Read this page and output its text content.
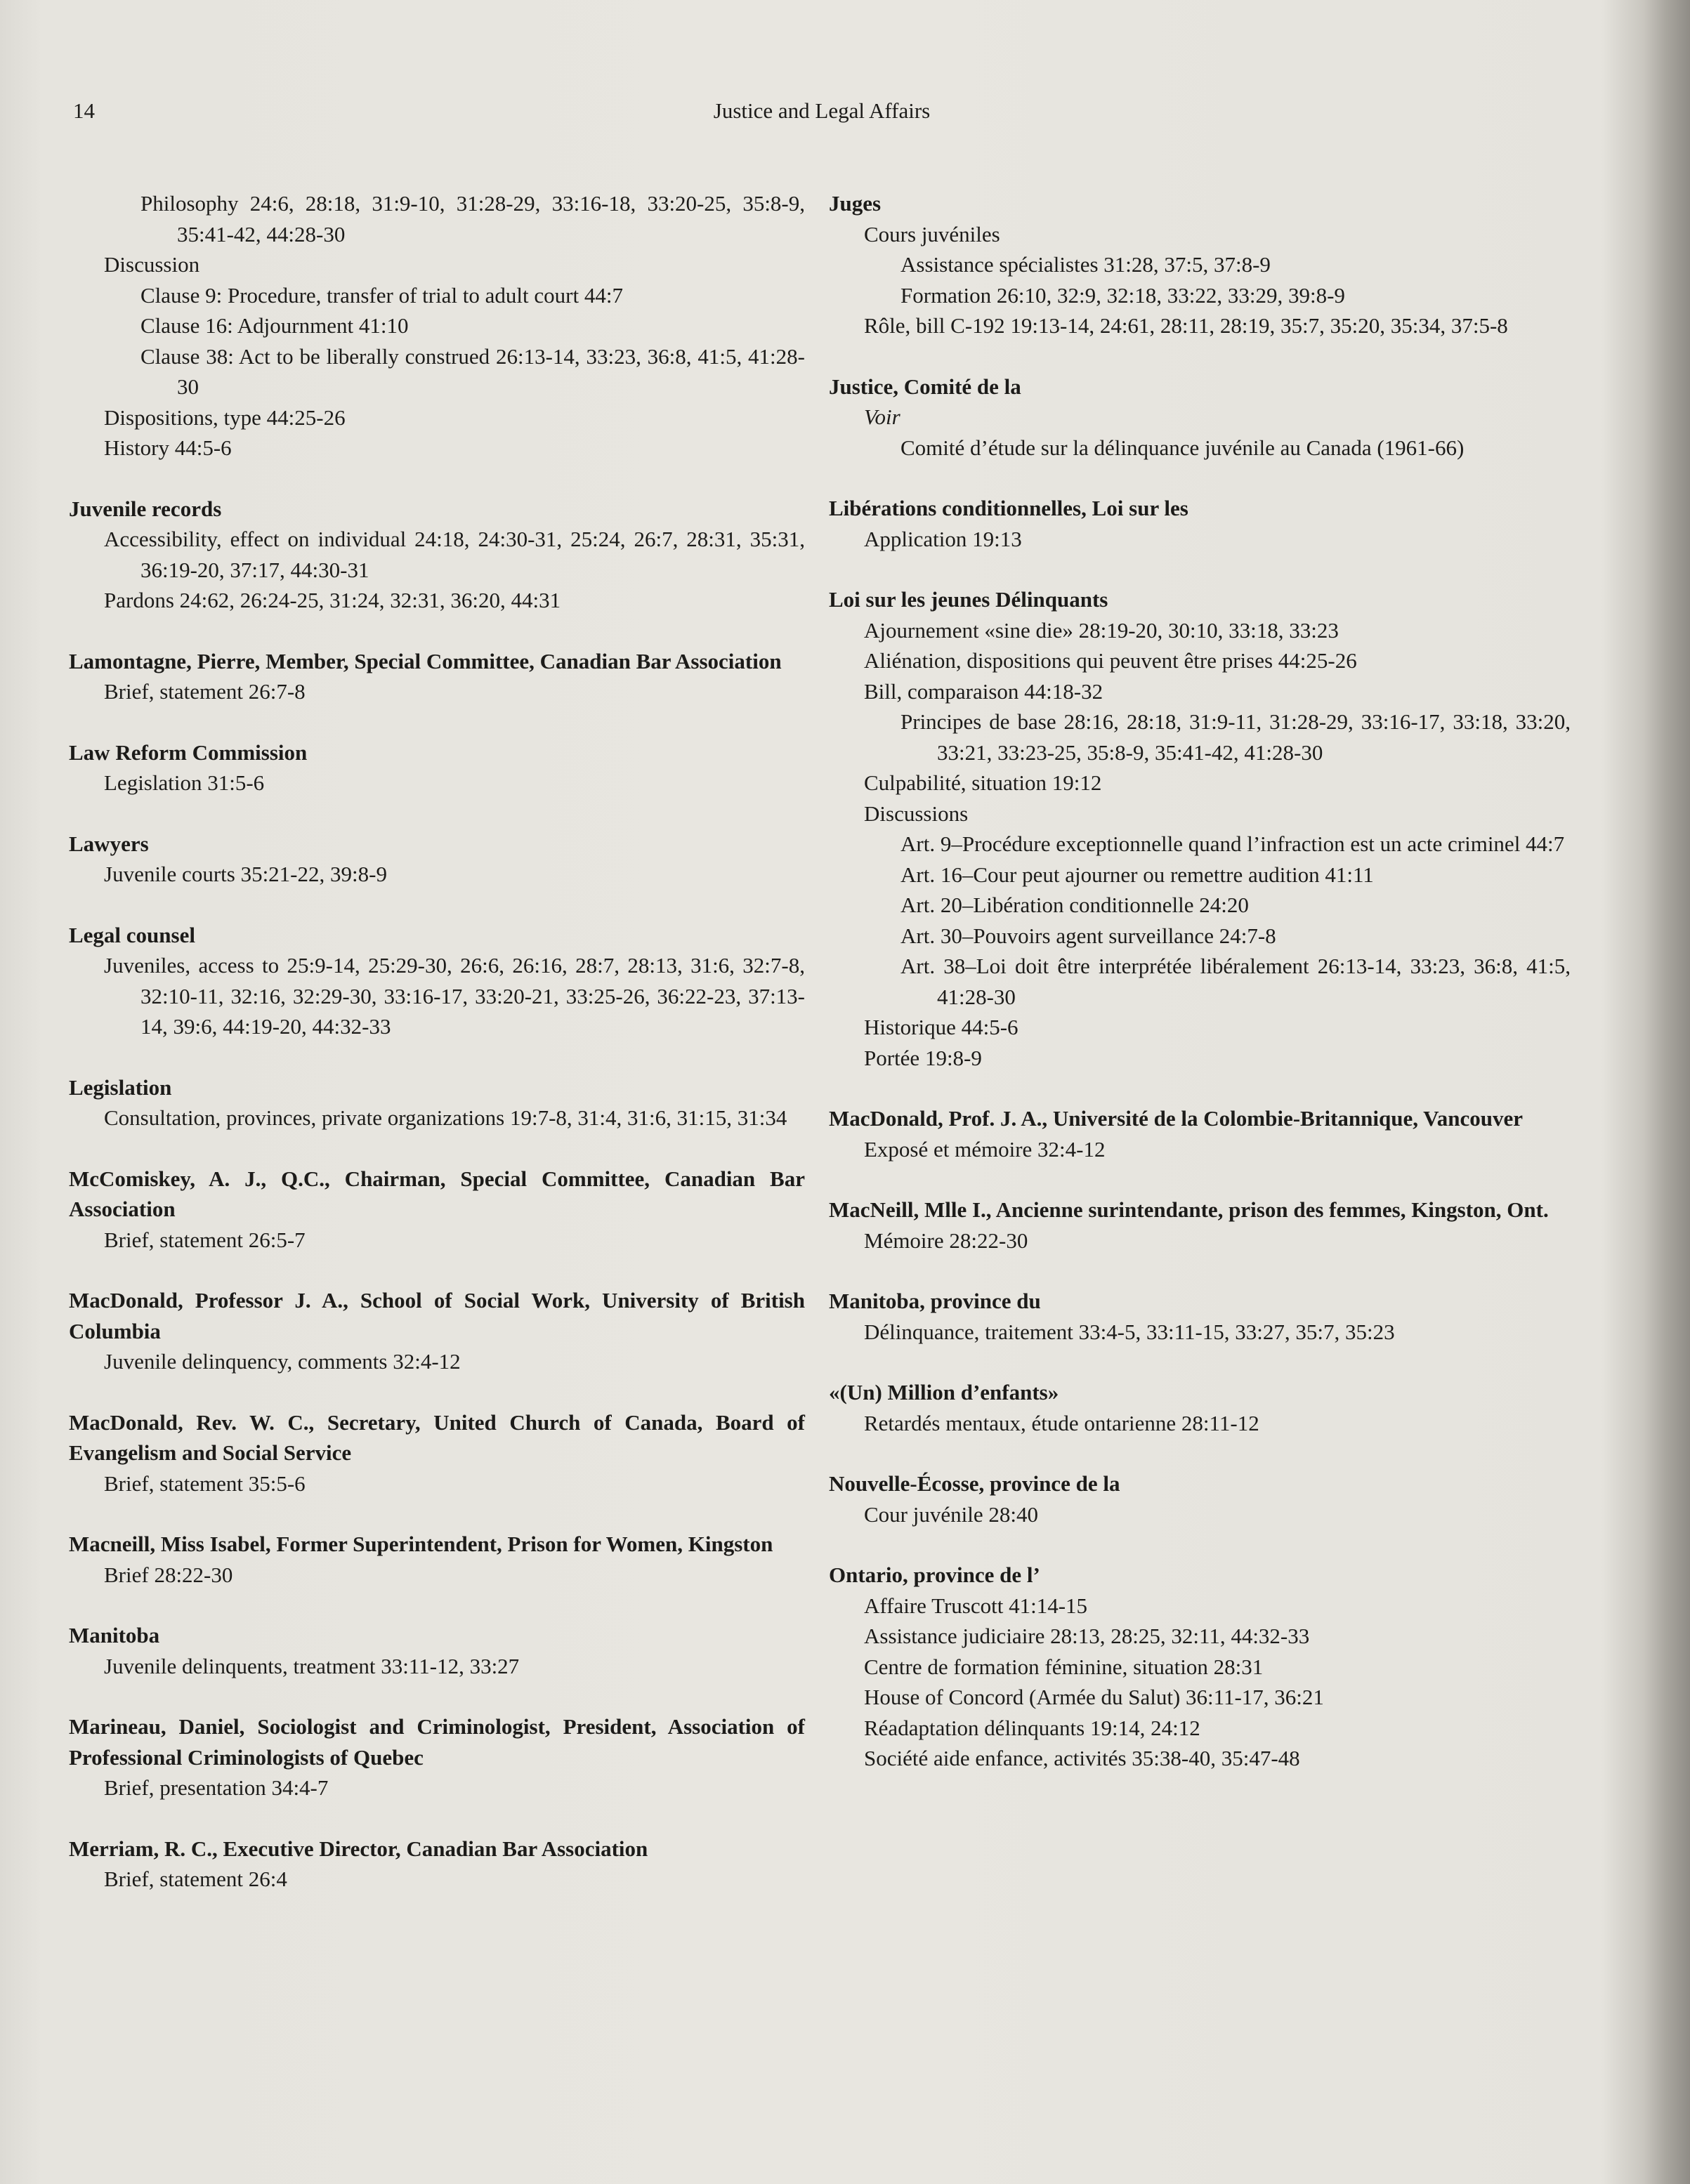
14	Justice and Legal Affairs
Philosophy 24:6, 28:18, 31:9-10, 31:28-29, 33:16-18, 33:20-25, 35:8-9, 35:41-42, 44:28-30
Discussion
Clause 9: Procedure, transfer of trial to adult court 44:7
Clause 16: Adjournment 41:10
Clause 38: Act to be liberally construed 26:13-14, 33:23, 36:8, 41:5, 41:28-30
Dispositions, type 44:25-26
History 44:5-6
Juvenile records
Accessibility, effect on individual 24:18, 24:30-31, 25:24, 26:7, 28:31, 35:31, 36:19-20, 37:17, 44:30-31
Pardons 24:62, 26:24-25, 31:24, 32:31, 36:20, 44:31
Lamontagne, Pierre, Member, Special Committee, Canadian Bar Association
Brief, statement 26:7-8
Law Reform Commission
Legislation 31:5-6
Lawyers
Juvenile courts 35:21-22, 39:8-9
Legal counsel
Juveniles, access to 25:9-14, 25:29-30, 26:6, 26:16, 28:7, 28:13, 31:6, 32:7-8, 32:10-11, 32:16, 32:29-30, 33:16-17, 33:20-21, 33:25-26, 36:22-23, 37:13-14, 39:6, 44:19-20, 44:32-33
Legislation
Consultation, provinces, private organizations 19:7-8, 31:4, 31:6, 31:15, 31:34
McComiskey, A. J., Q.C., Chairman, Special Committee, Canadian Bar Association
Brief, statement 26:5-7
MacDonald, Professor J. A., School of Social Work, University of British Columbia
Juvenile delinquency, comments 32:4-12
MacDonald, Rev. W. C., Secretary, United Church of Canada, Board of Evangelism and Social Service
Brief, statement 35:5-6
Macneill, Miss Isabel, Former Superintendent, Prison for Women, Kingston
Brief 28:22-30
Manitoba
Juvenile delinquents, treatment 33:11-12, 33:27
Marineau, Daniel, Sociologist and Criminologist, President, Association of Professional Criminologists of Quebec
Brief, presentation 34:4-7
Merriam, R. C., Executive Director, Canadian Bar Association
Brief, statement 26:4
Juges
Cours juvéniles
Assistance spécialistes 31:28, 37:5, 37:8-9
Formation 26:10, 32:9, 32:18, 33:22, 33:29, 39:8-9
Rôle, bill C-192 19:13-14, 24:61, 28:11, 28:19, 35:7, 35:20, 35:34, 37:5-8
Justice, Comité de la
Voir
Comité d’étude sur la délinquance juvénile au Canada (1961-66)
Libérations conditionnelles, Loi sur les
Application 19:13
Loi sur les jeunes Délinquants
Ajournement «sine die» 28:19-20, 30:10, 33:18, 33:23
Aliénation, dispositions qui peuvent être prises 44:25-26
Bill, comparaison 44:18-32
Principes de base 28:16, 28:18, 31:9-11, 31:28-29, 33:16-17, 33:18, 33:20, 33:21, 33:23-25, 35:8-9, 35:41-42, 41:28-30
Culpabilité, situation 19:12
Discussions
Art. 9–Procédure exceptionnelle quand l’infraction est un acte criminel 44:7
Art. 16–Cour peut ajourner ou remettre audition 41:11
Art. 20–Libération conditionnelle 24:20
Art. 30–Pouvoirs agent surveillance 24:7-8
Art. 38–Loi doit être interprétée libéralement 26:13-14, 33:23, 36:8, 41:5, 41:28-30
Historique 44:5-6
Portée 19:8-9
MacDonald, Prof. J. A., Université de la Colombie-Britannique, Vancouver
Exposé et mémoire 32:4-12
MacNeill, Mlle I., Ancienne surintendante, prison des femmes, Kingston, Ont.
Mémoire 28:22-30
Manitoba, province du
Délinquance, traitement 33:4-5, 33:11-15, 33:27, 35:7, 35:23
«(Un) Million d’enfants»
Retardés mentaux, étude ontarienne 28:11-12
Nouvelle-Écosse, province de la
Cour juvénile 28:40
Ontario, province de l’
Affaire Truscott 41:14-15
Assistance judiciaire 28:13, 28:25, 32:11, 44:32-33
Centre de formation féminine, situation 28:31
House of Concord (Armée du Salut) 36:11-17, 36:21
Réadaptation délinquants 19:14, 24:12
Société aide enfance, activités 35:38-40, 35:47-48
